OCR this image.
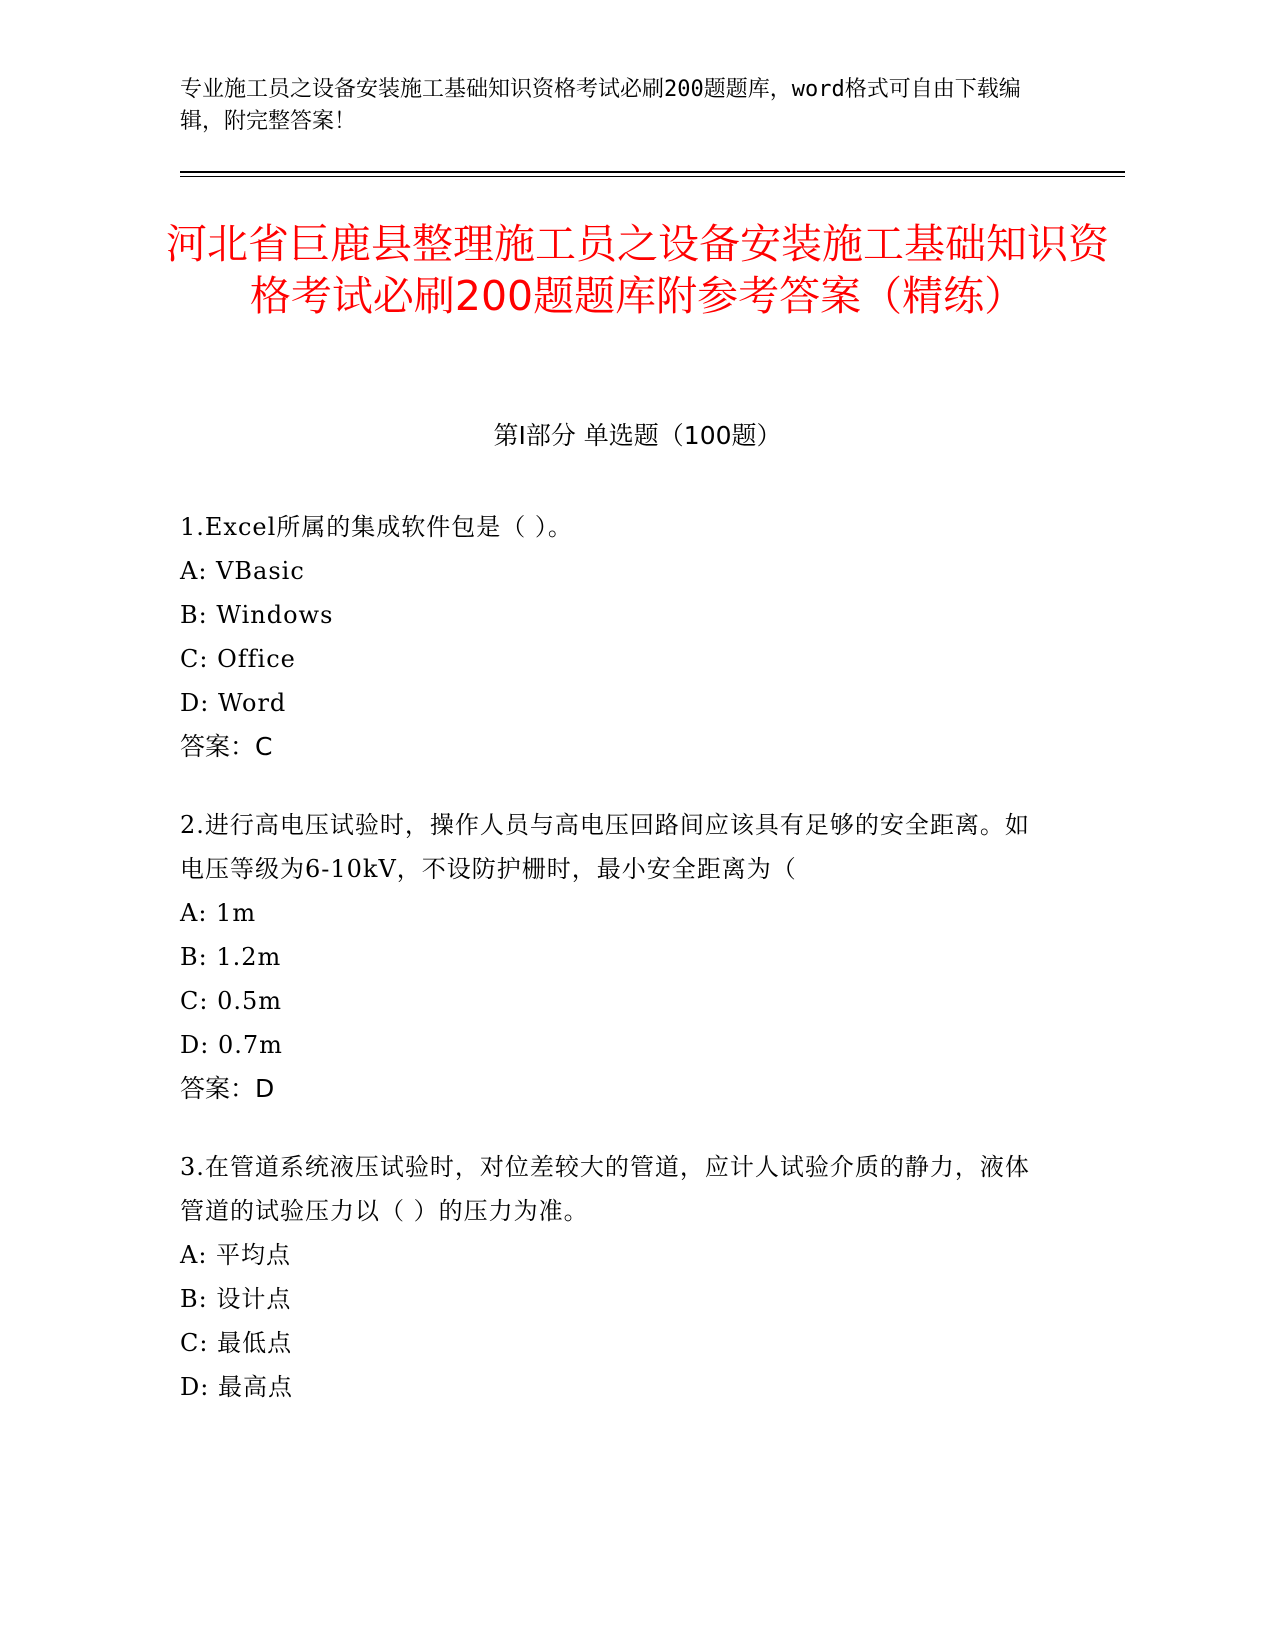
专业施工员之设备安装施工基础知识资格考试必刷200题题库，word格式可自由下载编辑，附完整答案！
河北省巨鹿县整理施工员之设备安装施工基础知识资格考试必刷200题题库附参考答案（精练）
第Ⅰ部分 单选题（100题）
1.Excel所属的集成软件包是（ ）。
A: VBasic
B: Windows
C: Office
D: Word
答案：C
2.进行高电压试验时，操作人员与高电压回路间应该具有足够的安全距离。如电压等级为6-10kV，不设防护栅时，最小安全距离为（
A: 1m
B: 1.2m
C: 0.5m
D: 0.7m
答案：D
3.在管道系统液压试验时，对位差较大的管道，应计人试验介质的静力，液体管道的试验压力以（ ）的压力为准。
A: 平均点
B: 设计点
C: 最低点
D: 最高点
